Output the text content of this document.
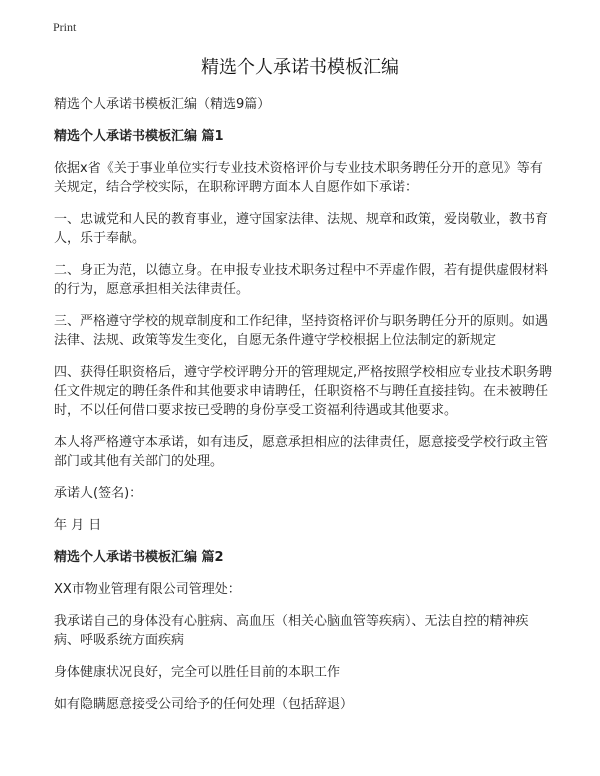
Print
精选个人承诺书模板汇编

精选个人承诺书模板汇编（精选9篇）

精选个人承诺书模板汇编 篇1

依据x省《关于事业单位实行专业技术资格评价与专业技术职务聘任分开的意见》等有关规定，结合学校实际，在职称评聘方面本人自愿作如下承诺：

一、忠诚党和人民的教育事业，遵守国家法律、法规、规章和政策，爱岗敬业，教书育人，乐于奉献。

二、身正为范，以德立身。在申报专业技术职务过程中不弄虚作假，若有提供虚假材料的行为，愿意承担相关法律责任。

三、严格遵守学校的规章制度和工作纪律，坚持资格评价与职务聘任分开的原则。如遇法律、法规、政策等发生变化，自愿无条件遵守学校根据上位法制定的新规定

四、获得任职资格后，遵守学校评聘分开的管理规定,严格按照学校相应专业技术职务聘任文件规定的聘任条件和其他要求申请聘任，任职资格不与聘任直接挂钩。在未被聘任时，不以任何借口要求按已受聘的身份享受工资福利待遇或其他要求。

本人将严格遵守本承诺，如有违反，愿意承担相应的法律责任，愿意接受学校行政主管部门或其他有关部门的处理。

承诺人(签名)：

年 月 日

精选个人承诺书模板汇编 篇2

XX市物业管理有限公司管理处：

我承诺自己的身体没有心脏病、高血压（相关心脑血管等疾病）、无法自控的精神疾病、呼吸系统方面疾病

身体健康状况良好，完全可以胜任目前的本职工作

如有隐瞒愿意接受公司给予的任何处理（包括辞退）
